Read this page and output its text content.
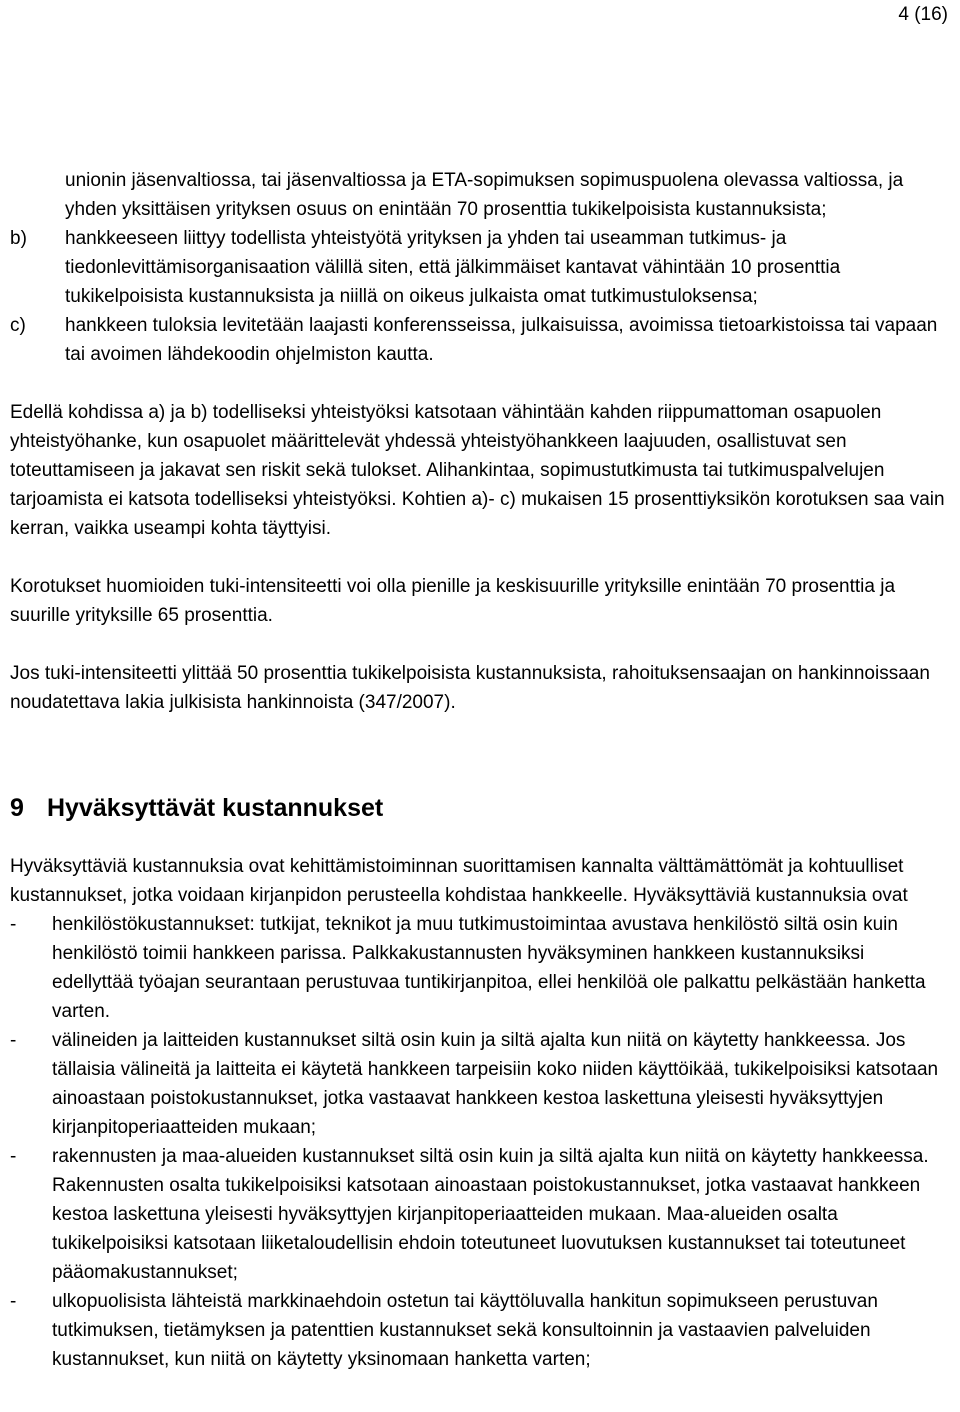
4 (16)
unionin jäsenvaltiossa, tai jäsenvaltiossa ja ETA-sopimuksen sopimuspuolena olevassa valtiossa, ja yhden yksittäisen yrityksen osuus on enintään 70 prosenttia tukikelpoisista kustannuksista;
b)	hankkeeseen liittyy todellista yhteistyötä yrityksen ja yhden tai useamman tutkimus- ja tiedonlevittämisorganisaation välillä siten, että jälkimmäiset kantavat vähintään 10 prosenttia tukikelpoisista kustannuksista ja niillä on oikeus julkaista omat tutkimustuloksensa;
c)	hankkeen tuloksia levitetään laajasti konferensseissa, julkaisuissa, avoimissa tietoarkistoissa tai vapaan tai avoimen lähdekoodin ohjelmiston kautta.

Edellä kohdissa a) ja b) todelliseksi yhteistyöksi katsotaan vähintään kahden riippumattoman osapuolen yhteistyöhanke, kun osapuolet määrittelevät yhdessä yhteistyöhankkeen laajuuden, osallistuvat sen toteuttamiseen ja jakavat sen riskit sekä tulokset. Alihankintaa, sopimustutkimusta tai tutkimuspalvelujen tarjoamista ei katsota todelliseksi yhteistyöksi. Kohtien a)- c) mukaisen 15 prosenttiyksikön korotuksen saa vain kerran, vaikka useampi kohta täyttyisi.

Korotukset huomioiden tuki-intensiteetti voi olla pienille ja keskisuurille yrityksille enintään 70 prosenttia ja suurille yrityksille 65 prosenttia.

Jos tuki-intensiteetti ylittää 50 prosenttia tukikelpoisista kustannuksista, rahoituksensaajan on hankinnoissaan noudatettava lakia julkisista hankinnoista (347/2007).

9 Hyväksyttävät kustannukset

Hyväksyttäviä kustannuksia ovat kehittämistoiminnan suorittamisen kannalta välttämättömät ja kohtuulliset kustannukset, jotka voidaan kirjanpidon perusteella kohdistaa hankkeelle. Hyväksyttäviä kustannuksia ovat

-	henkilöstökustannukset: tutkijat, teknikot ja muu tutkimustoimintaa avustava henkilöstö siltä osin kuin henkilöstö toimii hankkeen parissa. Palkkakustannusten hyväksyminen hankkeen kustannuksiksi edellyttää työajan seurantaan perustuvaa tuntikirjanpitoa, ellei henkilöä ole palkattu pelkästään hanketta varten.
-	välineiden ja laitteiden kustannukset siltä osin kuin ja siltä ajalta kun niitä on käytetty hankkeessa. Jos tällaisia välineitä ja laitteita ei käytetä hankkeen tarpeisiin koko niiden käyttöikää, tukikelpoisiksi katsotaan ainoastaan poistokustannukset, jotka vastaavat hankkeen kestoa laskettuna yleisesti hyväksyttyjen kirjanpitoperiaatteiden mukaan;
-	rakennusten ja maa-alueiden kustannukset siltä osin kuin ja siltä ajalta kun niitä on käytetty hankkeessa. Rakennusten osalta tukikelpoisiksi katsotaan ainoastaan poistokustannukset, jotka vastaavat hankkeen kestoa laskettuna yleisesti hyväksyttyjen kirjanpitoperiaatteiden mukaan. Maa-alueiden osalta tukikelpoisiksi katsotaan liiketaloudellisin ehdoin toteutuneet luovutuksen kustannukset tai toteutuneet pääomakustannukset;
-	ulkopuolisista lähteistä markkinaehdoin ostetun tai käyttöluvalla hankitun sopimukseen perustuvan tutkimuksen, tietämyksen ja patenttien kustannukset sekä konsultoinnin ja vastaavien palveluiden kustannukset, kun niitä on käytetty yksinomaan hanketta varten;
